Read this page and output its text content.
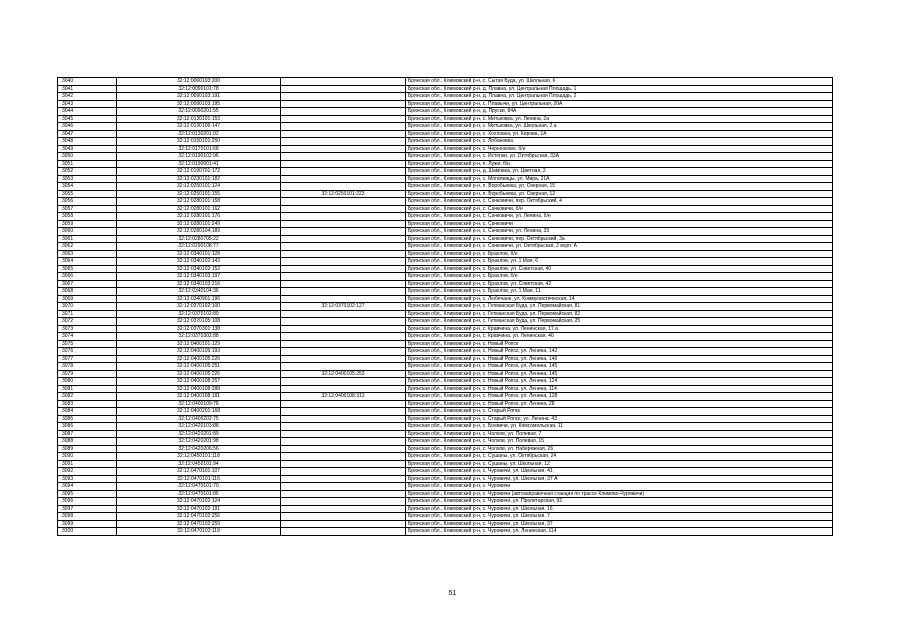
3040	32:12:0060103:200		Брянская обл., Климовский р-н, с. Сытая Буда, ул. Школьная, 6
3041	32:12:0090101:78		Брянская обл., Климовский р-н, д. Плавна, ул. Центральная Площадь, 1
3042	32:12:0090103:191		Брянская обл., Климовский р-н, д. Плавна, ул. Центральная Площадь, 2
3043	32:12:0090103:195		Брянская обл., Климовский р-н, с. Плавычи, ул. Центральная, 20А
3044	32:12:0090201:55		Брянская обл., Климовский р-н, д. Пруски, 84А
3045	32:12:0130101:153		Брянская обл., Климовский р-н, с. Митьковка, ул. Ленина, 2а
3046	32:12:0130106:147		Брянская обл., Климовский р-н, с. Митьковка, ул. Школьная, 2 а
3047	32:12:0130201:92		Брянская обл., Климовский р-н, с. Хохловка, ул. Кирова, 2А
3048	32:12:0150101:250		Брянская обл., Климовский р-н, с. Лобановка
3049	32:12:0170101:68		Брянская обл., Климовский р-н, с. Чернооково, б/н
3050	32:12:0190102:96		Брянская обл., Климовский р-н, с. Истопки, ул. Октябрьская, 33А
3051	32:12:0190601:41		Брянская обл., Климовский р-н, п. Лужи, б/н
3052	32:12:0190701:172		Брянская обл., Климовский р-н, д. Шамовка, ул. Цветная, 2
3053	32:12:0230101:182		Брянская обл., Климовский р-н, с. Могилевцы, ул. Мира, 21А
3054	32:12:0250101:124		Брянская обл., Климовский р-н, п. Воробьевка, ул. Озерная, 15
3055	32:12:0250101:155	32:12:0250101:223	Брянская обл., Климовский р-н, п. Воробьевка, ул. Озерная, 12
3056	32:12:0280101:158		Брянская обл., Климовский р-н, с. Сачковичи, пер. Октябрьский, 4
3057	32:12:0280101:162		Брянская обл., Климовский р-н, с. Сачковичи, б/н
3058	32:12:0280101:176		Брянская обл., Климовский р-н, с. Сачковичи, ул. Ленина, б/н
3059	32:12:0280101:249		Брянская обл., Климовский р-н, с. Сачковичи
3060	32:12:0280104:189		Брянская обл., Климовский р-н, с. Сачковичи, ул. Ленина, 33
3061	32:12:0280705:22		Брянская обл., Климовский р-н, с. Сачковичи, пер. Октябрьский, 3а
3062	32:12:0290108:77		Брянская обл., Климовский р-н, с. Сачковичи, ул. Октябрьская, 2 корп. А
3063	32:12:0340101:128		Брянская обл., Климовский р-н, с. Брахлов, б/н
3064	32:12:0340102:143		Брянская обл., Климовский р-н, с. Брахлов, ул. 1 Мая, 6
3065	32:12:0340102:152		Брянская обл., Климовский р-н, с. Брахлов, ул. Советская, 40
3066	32:12:0340103:197		Брянская обл., Климовский р-н, с. Брахлов, б/н
3067	32:12:0340103:216		Брянская обл., Климовский р-н, с. Брахлов, ул. Советская, 42
3068	32:12:0340104:36		Брянская обл., Климовский р-н, с. Брахлов, ул. 1 Мая, 11
3069	32:12:0340901:196		Брянская обл., Климовский р-н, с. Любечане, ул. Коммунистическая, 14
3070	32:12:0370102:100	32:12:0370102:127	Брянская обл., Климовский р-н, с. Гетманская Буда, ул. Первомайская, 81
3071	32:12:0370102:89		Брянская обл., Климовский р-н, с. Гетманская Буда, ул. Первомайская, 82
3072	32:12:0370105:108		Брянская обл., Климовский р-н, с. Гетманская Буда, ул. Первомайская, 25
3073	32:12:0370301:138		Брянская обл., Климовский р-н, с. Кравчина, ул. Ленинская, 17 а
3074	32:12:0370302:88		Брянская обл., Климовский р-н, с. Кравчина, ул. Ленинская, 46
3075	32:12:0400101:129		Брянская обл., Климовский р-н, с. Новый Ропск
3076	32:12:0400105:193		Брянская обл., Климовский р-н, с. Новый Ропск, ул. Ленина, 142
3077	32:12:0400105:226		Брянская обл., Климовский р-н, с. Новый Ропск, ул. Ленина, 146
3078	32:12:0400105:251		Брянская обл., Климовский р-н, с. Новый Ропск, ул. Ленина, 145
3079	32:12:0400105:226	32:12:0400105:253	Брянская обл., Климовский р-н, с. Новый Ропск, ул. Ленина, 145
3080	32:12:0400108:257		Брянская обл., Климовский р-н, с. Новый Ропск, ул. Ленина, 124
3081	32:12:0400108:288		Брянская обл., Климовский р-н, с. Новый Ропск, ул. Ленина, 114
3082	32:12:0400108:181	32:12:0400108:312	Брянская обл., Климовский р-н, с. Новый Ропск, ул. Ленина, 128
3083	32:12:0400109:78		Брянская обл., Климовский р-н, с. Новый Ропск, ул. Ленина, 28
3084	32:12:0400201:168		Брянская обл., Климовский р-н, с. Старый Ропск
3085	32:12:0400202:75		Брянская обл., Климовский р-н, с. Старый Ропск, ул. Ленина, 43
3086	32:12:0420103:88		Брянская обл., Климовский р-н, с. Боевичи, ул. Комсомольская, 11
3087	32:12:0420201:89		Брянская обл., Климовский р-н, с. Чолхов, ул. Полевая, 7
3088	32:12:0420201:98		Брянская обл., Климовский р-н, с. Чолхов, ул. Полевая, 15
3089	32:12:0420206:56		Брянская обл., Климовский р-н, с. Чолхов, ул. Набережная, 26
3090	32:12:0450101:118		Брянская обл., Климовский р-н, с. Сушаны, ул. Октябрьская, 24
3091	32:12:0450101:94		Брянская обл., Климовский р-н, с. Сушаны, ул. Школьная, 12
3092	32:12:0470101:107		Брянская обл., Климовский р-н, с. Чуровичи, ул. Школьная, 41
3093	32:12:0470101:116		Брянская обл., Климовский р-н, с. Чуровичи, ул. Школьная, 37 А
3094	32:12:0470101:70		Брянская обл., Климовский р-н, с. Чуровичи
3095	32:12:0470101:86		Брянская обл., Климовский р-н, с. Чуровичи (автозаправочная станция по трассе Климово-Чуровичи)
3096	32:12:0470102:124		Брянская обл., Климовский р-н, с. Чуровичи, ул. Пролетарская, 92
3097	32:12:0470102:191		Брянская обл., Климовский р-н, с. Чуровичи, ул. Школьная, 16
3098	32:12:0470102:256		Брянская обл., Климовский р-н, с. Чуровичи, ул. Школьная, 7
3099	32:12:0470102:259		Брянская обл., Климовский р-н, с. Чуровичи, ул. Школьная, 37
3100	32:12:0470103:119		Брянская обл., Климовский р-н, с. Чуровичи, ул. Ленинская, 114
51
